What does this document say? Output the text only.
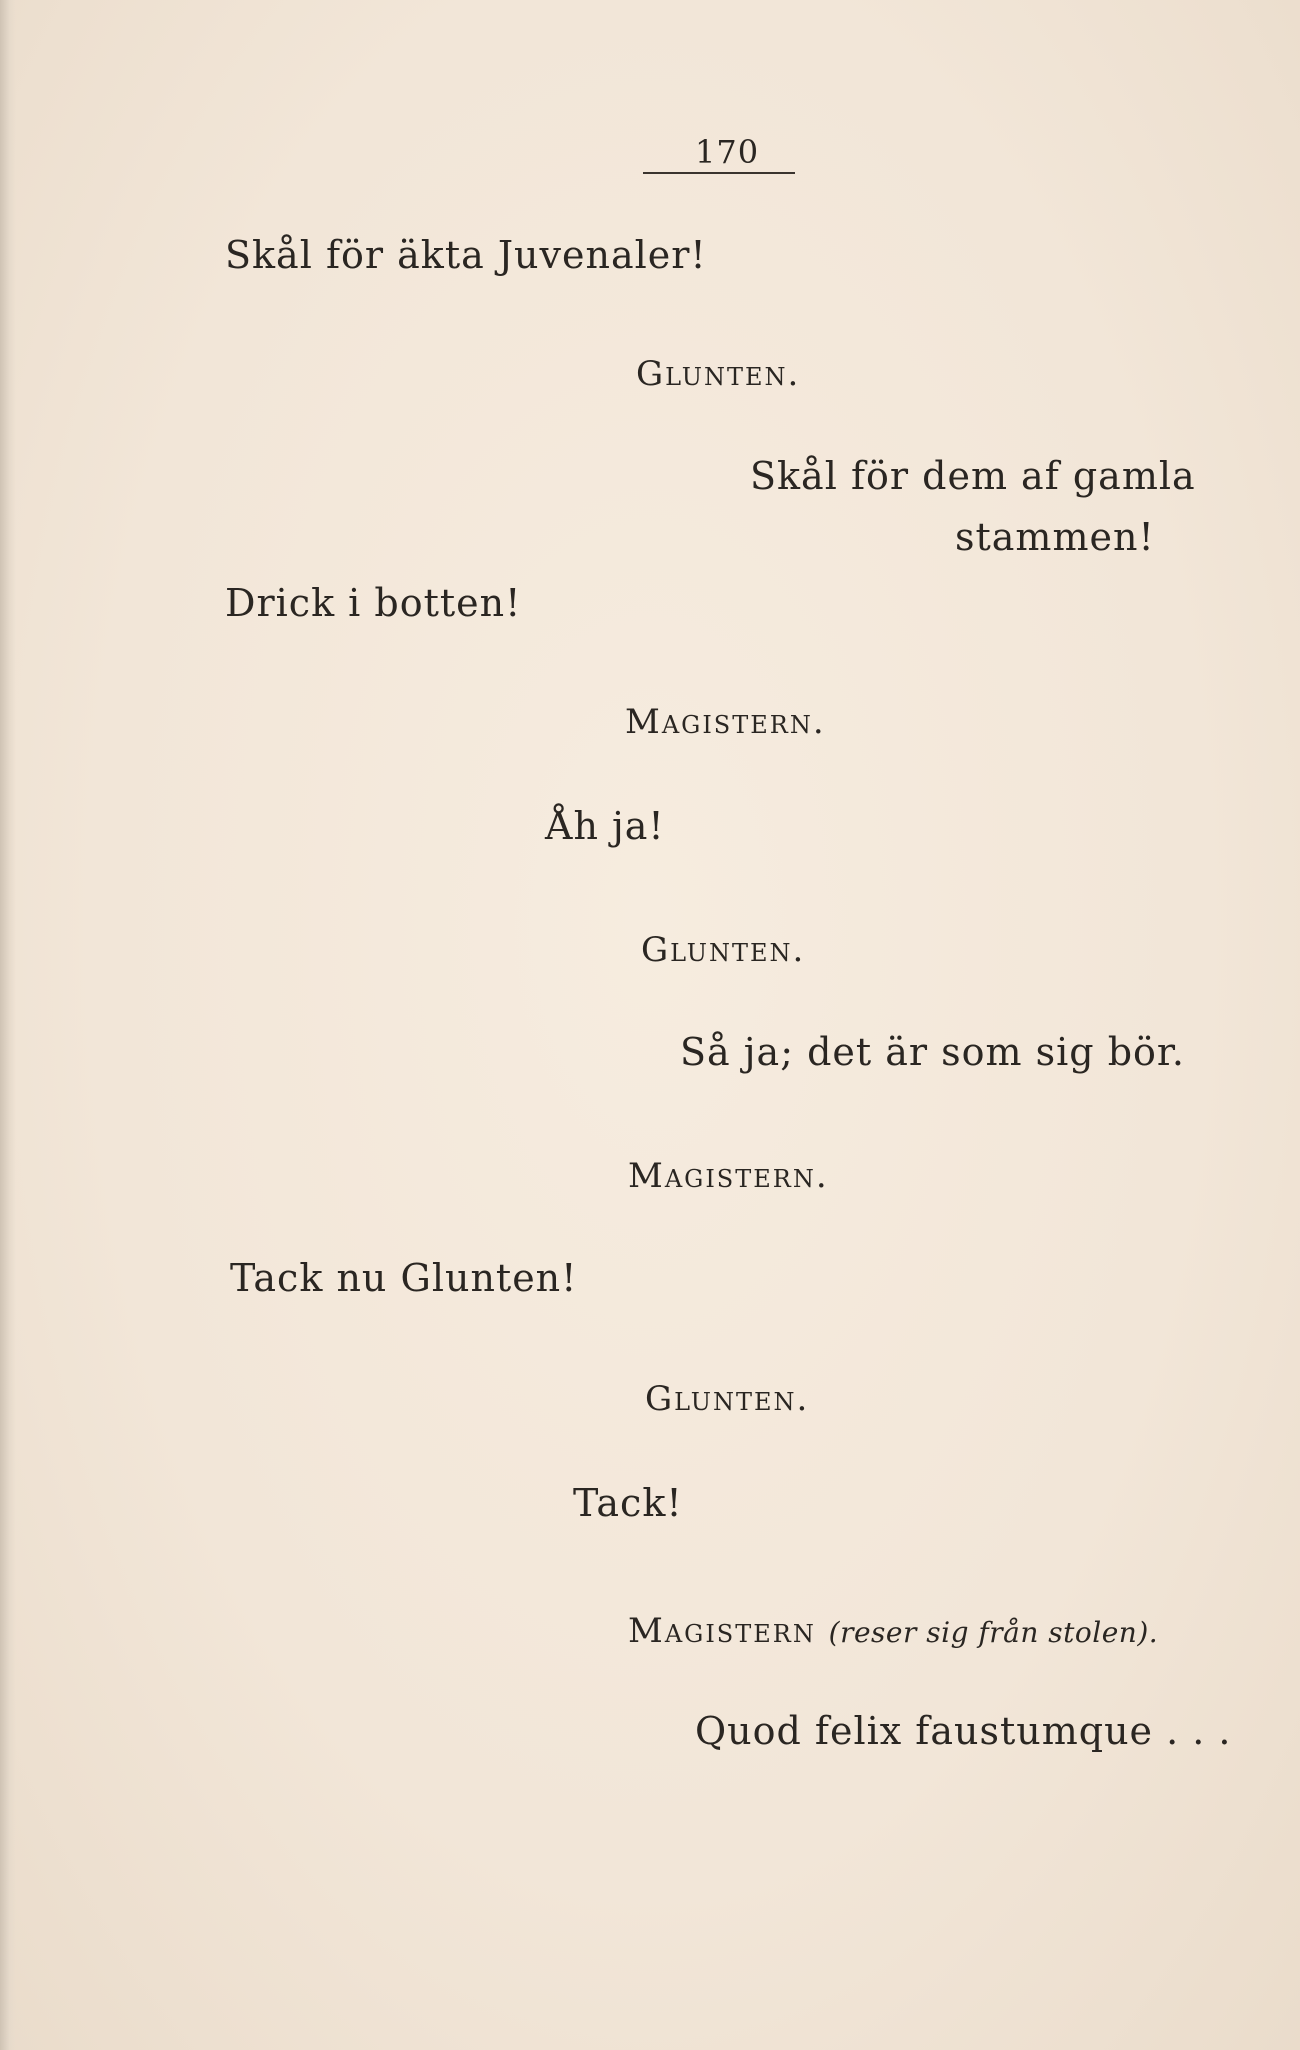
170
Skål för äkta Juvenaler!
Glunten.
Skål för dem af gamla
stammen!
Drick i botten!
Magistern.
Åh ja!
Glunten.
Så ja; det är som sig bör.
Magistern.
Tack nu Glunten!
Glunten.
Tack!
Magistern (reser sig från stolen).
Quod felix faustumque . . .
